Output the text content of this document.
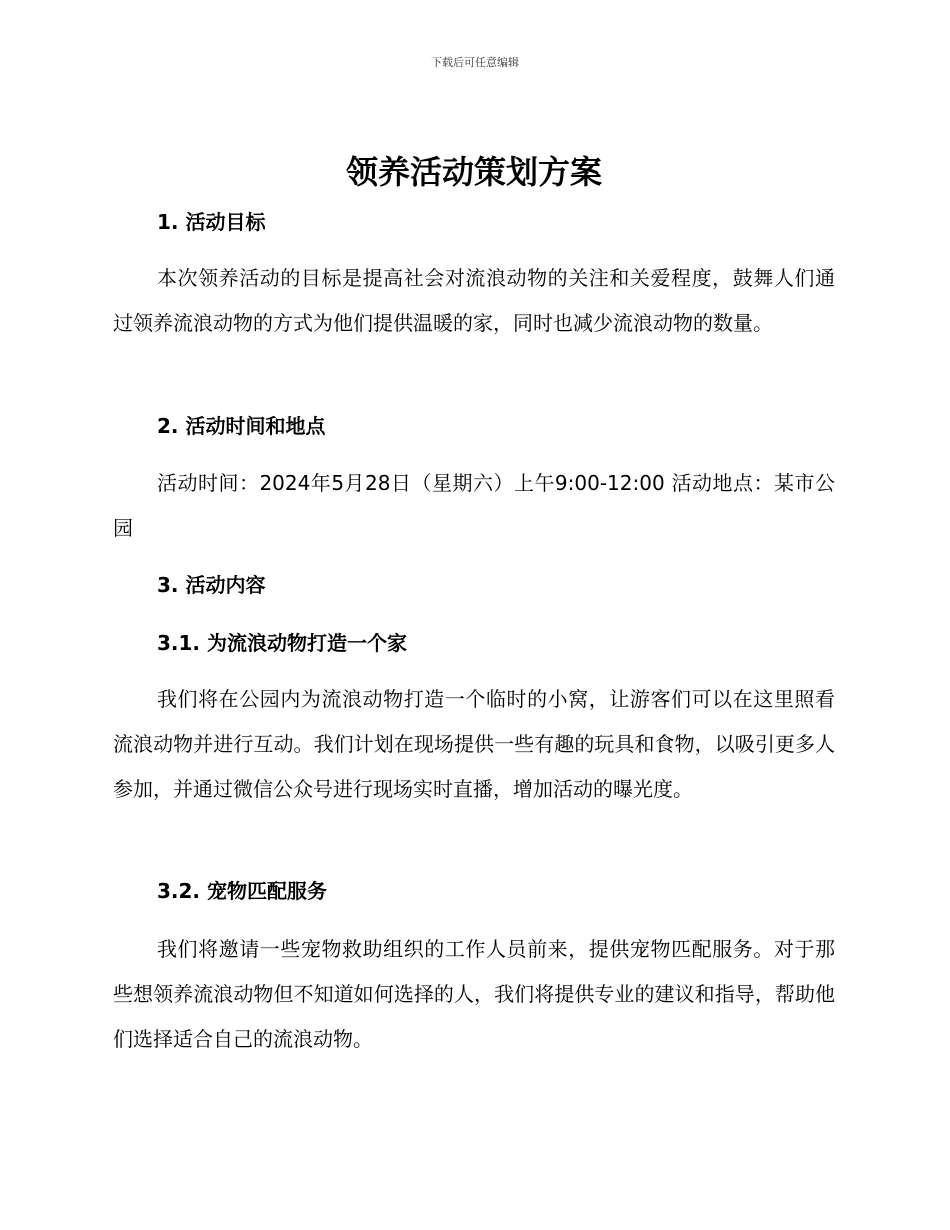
下载后可任意编辑
领养活动策划方案
1. 活动目标

本次领养活动的目标是提高社会对流浪动物的关注和关爱程度，鼓舞人们通过领养流浪动物的方式为他们提供温暖的家，同时也减少流浪动物的数量。

2. 活动时间和地点

活动时间：2024年5月28日（星期六）上午9:00-12:00 活动地点：某市公园

3. 活动内容
3.1. 为流浪动物打造一个家

我们将在公园内为流浪动物打造一个临时的小窝，让游客们可以在这里照看流浪动物并进行互动。我们计划在现场提供一些有趣的玩具和食物，以吸引更多人参加，并通过微信公众号进行现场实时直播，增加活动的曝光度。

3.2. 宠物匹配服务

我们将邀请一些宠物救助组织的工作人员前来，提供宠物匹配服务。对于那些想领养流浪动物但不知道如何选择的人，我们将提供专业的建议和指导，帮助他们选择适合自己的流浪动物。
